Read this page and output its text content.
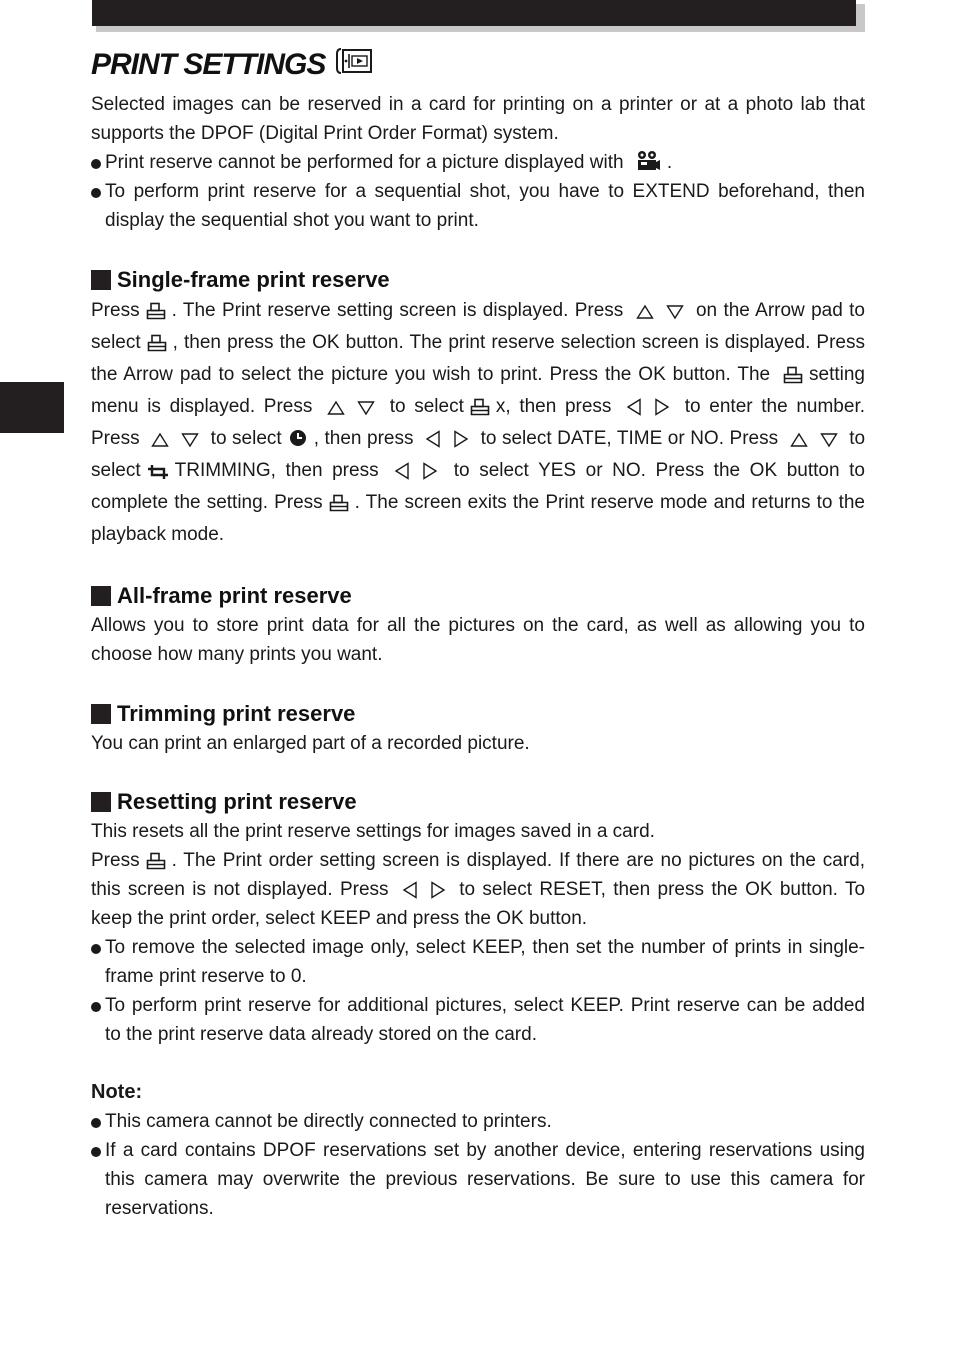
PRINT SETTINGS

Selected images can be reserved in a card for printing on a printer or at a photo lab that supports the DPOF (Digital Print Order Format) system.

Print reserve cannot be performed for a picture displayed with .
To perform print reserve for a sequential shot, you have to EXTEND beforehand, then display the sequential shot you want to print.
Single-frame print reserve

Press . The Print reserve setting screen is displayed. Press	on the Arrow pad to select , then press the OK button. The print reserve selection screen is displayed. Press the Arrow pad to select the picture you wish to print. Press the OK button. The setting menu is displayed. Press	to select x, then press	to enter the number. Press	to select , then press	to select DATE, TIME or NO. Press	to select TRIMMING, then press	to select YES or NO. Press the OK button to complete the setting. Press . The screen exits the Print reserve mode and returns to the playback mode.

All-frame print reserve

Allows you to store print data for all the pictures on the card, as well as allowing you to choose how many prints you want.

Trimming print reserve

You can print an enlarged part of a recorded picture.

Resetting print reserve

This resets all the print reserve settings for images saved in a card.

Press . The Print order setting screen is displayed. If there are no pictures on the card, this screen is not displayed. Press	to select RESET, then press the OK button. To keep the print order, select KEEP and press the OK button.

To remove the selected image only, select KEEP, then set the number of prints in single- frame print reserve to 0.
To perform print reserve for additional pictures, select KEEP. Print reserve can be added to the print reserve data already stored on the card.
Note:
This camera cannot be directly connected to printers.
If a card contains DPOF reservations set by another device, entering reservations using this camera may overwrite the previous reservations. Be sure to use this camera for reservations.
